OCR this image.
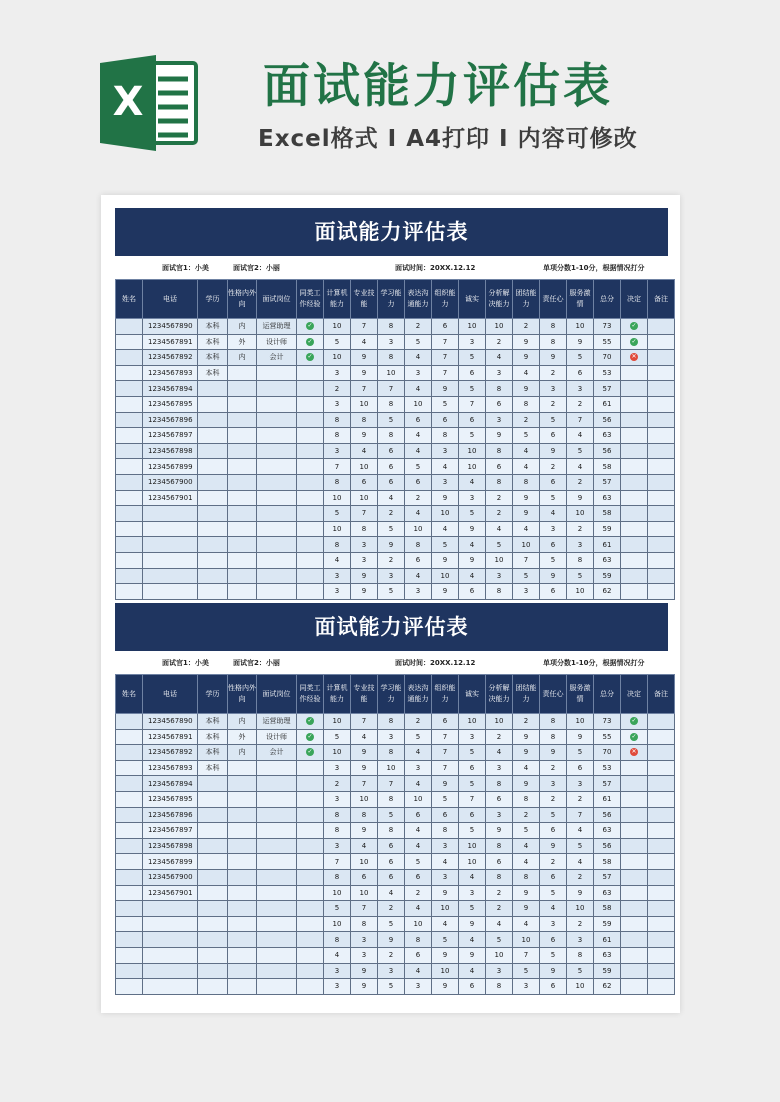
X	面试能力评估表
Excel格式 I A4打印 I 内容可修改
面试能力评估表
面试官1：小美	面试官2：小丽	面试时间：20XX.12.12	单项分数1-10分，根据情况打分
姓名	电话	学历	性格内外向	面试岗位	同类工作经验	计算机能力	专业技能	学习能力	表达沟通能力	组织能力	诚实	分析解决能力	团结能力	责任心	服务激情	总分	决定	备注
	1234567890	本科	内	运营助理	✓	10	7	8	2	6	10	10	2	8	10	73	✓	
	1234567891	本科	外	设计师	✓	5	4	3	5	7	3	2	9	8	9	55	✓	
	1234567892	本科	内	会计	✓	10	9	8	4	7	5	4	9	9	5	70	✕	
	1234567893	本科				3	9	10	3	7	6	3	4	2	6	53		
	1234567894					2	7	7	4	9	5	8	9	3	3	57		
	1234567895					3	10	8	10	5	7	6	8	2	2	61		
	1234567896					8	8	5	6	6	6	3	2	5	7	56		
	1234567897					8	9	8	4	8	5	9	5	6	4	63		
	1234567898					3	4	6	4	3	10	8	4	9	5	56		
	1234567899					7	10	6	5	4	10	6	4	2	4	58		
	1234567900					8	6	6	6	3	4	8	8	6	2	57		
	1234567901					10	10	4	2	9	3	2	9	5	9	63		
						5	7	2	4	10	5	2	9	4	10	58		
						10	8	5	10	4	9	4	4	3	2	59		
						8	3	9	8	5	4	5	10	6	3	61		
						4	3	2	6	9	9	10	7	5	8	63		
						3	9	3	4	10	4	3	5	9	5	59		
						3	9	5	3	9	6	8	3	6	10	62		
面试能力评估表
面试官1：小美	面试官2：小丽	面试时间：20XX.12.12	单项分数1-10分，根据情况打分
姓名	电话	学历	性格内外向	面试岗位	同类工作经验	计算机能力	专业技能	学习能力	表达沟通能力	组织能力	诚实	分析解决能力	团结能力	责任心	服务激情	总分	决定	备注
	1234567890	本科	内	运营助理	✓	10	7	8	2	6	10	10	2	8	10	73	✓	
	1234567891	本科	外	设计师	✓	5	4	3	5	7	3	2	9	8	9	55	✓	
	1234567892	本科	内	会计	✓	10	9	8	4	7	5	4	9	9	5	70	✕	
	1234567893	本科				3	9	10	3	7	6	3	4	2	6	53		
	1234567894					2	7	7	4	9	5	8	9	3	3	57		
	1234567895					3	10	8	10	5	7	6	8	2	2	61		
	1234567896					8	8	5	6	6	6	3	2	5	7	56		
	1234567897					8	9	8	4	8	5	9	5	6	4	63		
	1234567898					3	4	6	4	3	10	8	4	9	5	56		
	1234567899					7	10	6	5	4	10	6	4	2	4	58		
	1234567900					8	6	6	6	3	4	8	8	6	2	57		
	1234567901					10	10	4	2	9	3	2	9	5	9	63		
						5	7	2	4	10	5	2	9	4	10	58		
						10	8	5	10	4	9	4	4	3	2	59		
						8	3	9	8	5	4	5	10	6	3	61		
						4	3	2	6	9	9	10	7	5	8	63		
						3	9	3	4	10	4	3	5	9	5	59		
						3	9	5	3	9	6	8	3	6	10	62		
